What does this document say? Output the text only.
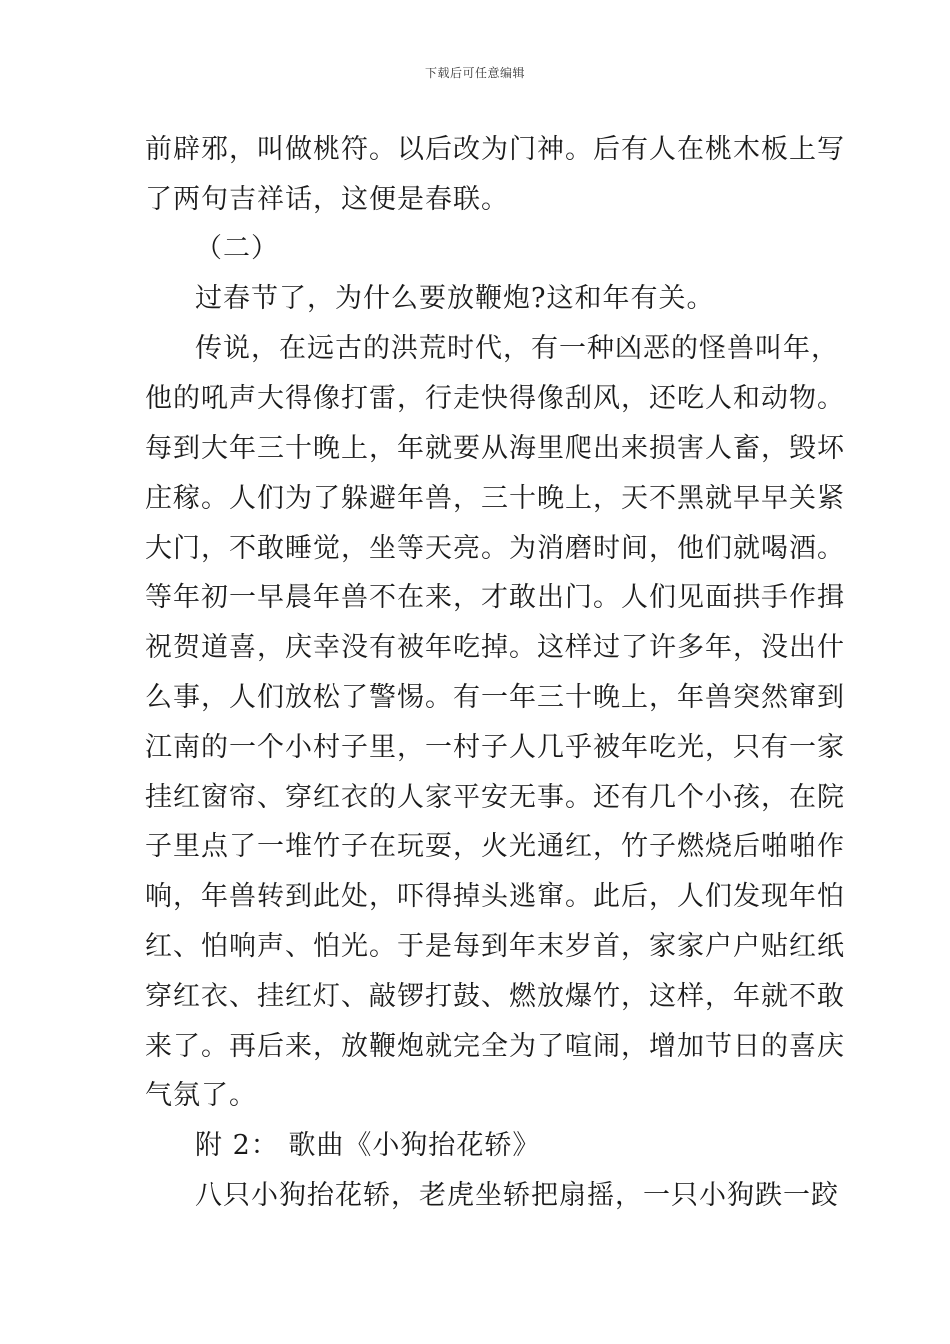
下载后可任意编辑
前辟邪，叫做桃符。以后改为门神。后有人在桃木板上写
了两句吉祥话，这便是春联。
（二）
过春节了，为什么要放鞭炮?这和年有关。
传说，在远古的洪荒时代，有一种凶恶的怪兽叫年，
他的吼声大得像打雷，行走快得像刮风，还吃人和动物。
每到大年三十晚上，年就要从海里爬出来损害人畜，毁坏
庄稼。人们为了躲避年兽，三十晚上，天不黑就早早关紧
大门，不敢睡觉，坐等天亮。为消磨时间，他们就喝酒。
等年初一早晨年兽不在来，才敢出门。人们见面拱手作揖
祝贺道喜，庆幸没有被年吃掉。这样过了许多年，没出什
么事，人们放松了警惕。有一年三十晚上，年兽突然窜到
江南的一个小村子里，一村子人几乎被年吃光，只有一家
挂红窗帘、穿红衣的人家平安无事。还有几个小孩，在院
子里点了一堆竹子在玩耍，火光通红，竹子燃烧后啪啪作
响，年兽转到此处，吓得掉头逃窜。此后，人们发现年怕
红、怕响声、怕光。于是每到年末岁首，家家户户贴红纸
穿红衣、挂红灯、敲锣打鼓、燃放爆竹，这样，年就不敢
来了。再后来，放鞭炮就完全为了喧闹，增加节日的喜庆
气氛了。
附 2： 歌曲《小狗抬花轿》
八只小狗抬花轿，老虎坐轿把扇摇，一只小狗跌一跤
